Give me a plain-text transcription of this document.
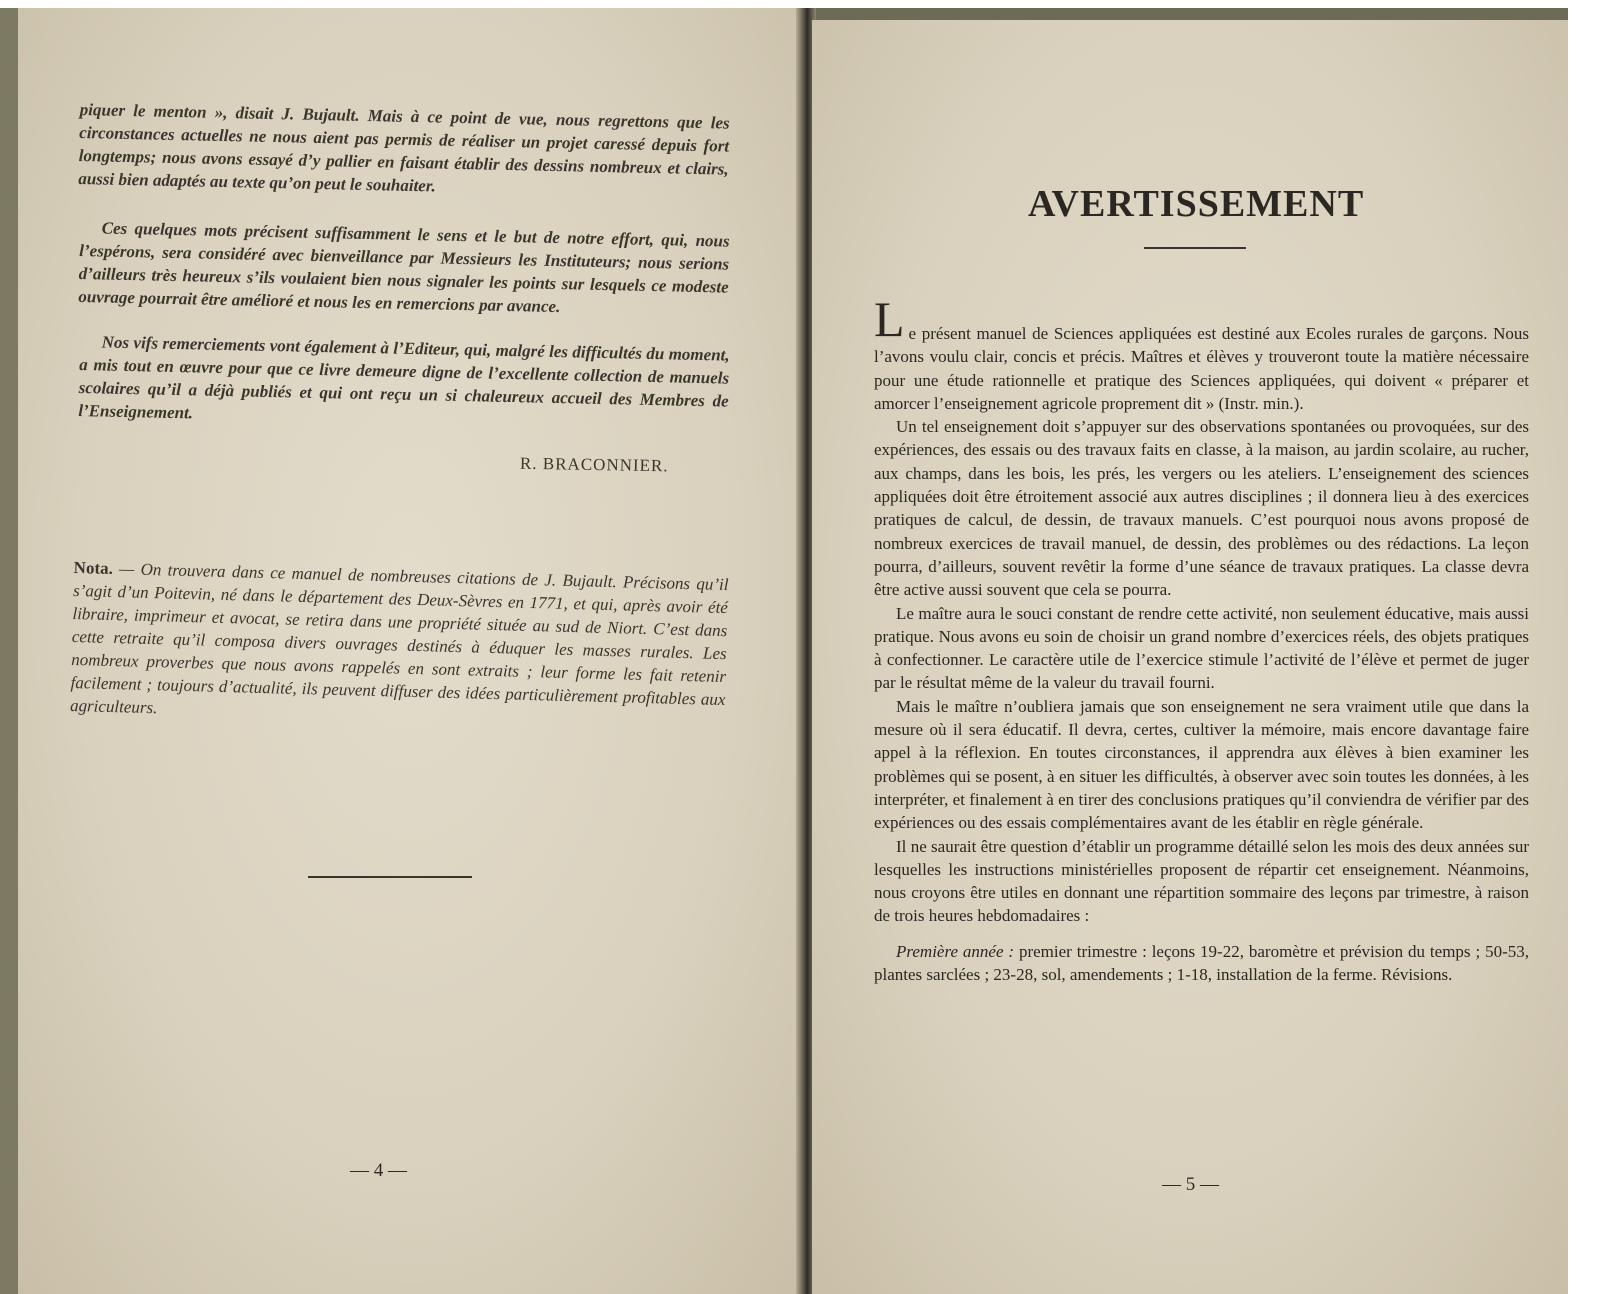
piquer le menton », disait J. Bujault. Mais à ce point de vue, nous regrettons que les circonstances actuelles ne nous aient pas permis de réaliser un projet caressé depuis fort longtemps; nous avons essayé d’y pallier en faisant établir des dessins nombreux et clairs, aussi bien adaptés au texte qu’on peut le souhaiter.

Ces quelques mots précisent suffisamment le sens et le but de notre effort, qui, nous l’espérons, sera considéré avec bienveillance par Messieurs les Instituteurs; nous serions d’ailleurs très heureux s’ils voulaient bien nous signaler les points sur lesquels ce modeste ouvrage pourrait être amélioré et nous les en remercions par avance.

Nos vifs remerciements vont également à l’Editeur, qui, malgré les difficultés du moment, a mis tout en œuvre pour que ce livre demeure digne de l’excellente collection de manuels scolaires qu’il a déjà publiés et qui ont reçu un si chaleureux accueil des Membres de l’Enseignement.

R. BRACONNIER.

Nota. — On trouvera dans ce manuel de nombreuses citations de J. Bujault. Précisons qu’il s’agit d’un Poitevin, né dans le département des Deux-Sèvres en 1771, et qui, après avoir été libraire, imprimeur et avocat, se retira dans une propriété située au sud de Niort. C’est dans cette retraite qu’il composa divers ouvrages destinés à éduquer les masses rurales. Les nombreux proverbes que nous avons rappelés en sont extraits ; leur forme les fait retenir facilement ; toujours d’actualité, ils peuvent diffuser des idées particulièrement profitables aux agriculteurs.

— 4 —
AVERTISSEMENT

L e présent manuel de Sciences appliquées est destiné aux Ecoles rurales de garçons. Nous l’avons voulu clair, concis et précis. Maîtres et élèves y trouveront toute la matière nécessaire pour une étude rationnelle et pratique des Sciences appliquées, qui doivent « préparer et amorcer l’enseignement agricole proprement dit » (Instr. min.).

Un tel enseignement doit s’appuyer sur des observations spontanées ou provoquées, sur des expériences, des essais ou des travaux faits en classe, à la maison, au jardin scolaire, au rucher, aux champs, dans les bois, les prés, les vergers ou les ateliers. L’enseignement des sciences appliquées doit être étroitement associé aux autres disciplines ; il donnera lieu à des exercices pratiques de calcul, de dessin, de travaux manuels. C’est pourquoi nous avons proposé de nombreux exercices de travail manuel, de dessin, des problèmes ou des rédactions. La leçon pourra, d’ailleurs, souvent revêtir la forme d’une séance de travaux pratiques. La classe devra être active aussi souvent que cela se pourra.

Le maître aura le souci constant de rendre cette activité, non seulement éducative, mais aussi pratique. Nous avons eu soin de choisir un grand nombre d’exercices réels, des objets pratiques à confectionner. Le caractère utile de l’exercice stimule l’activité de l’élève et permet de juger par le résultat même de la valeur du travail fourni.

Mais le maître n’oubliera jamais que son enseignement ne sera vraiment utile que dans la mesure où il sera éducatif. Il devra, certes, cultiver la mémoire, mais encore davantage faire appel à la réflexion. En toutes circonstances, il apprendra aux élèves à bien examiner les problèmes qui se posent, à en situer les difficultés, à observer avec soin toutes les données, à les interpréter, et finalement à en tirer des conclusions pratiques qu’il conviendra de vérifier par des expériences ou des essais complémentaires avant de les établir en règle générale.

Il ne saurait être question d’établir un programme détaillé selon les mois des deux années sur lesquelles les instructions ministérielles proposent de répartir cet enseignement. Néanmoins, nous croyons être utiles en donnant une répartition sommaire des leçons par trimestre, à raison de trois heures hebdomadaires :

Première année : premier trimestre : leçons 19-22, baromètre et prévision du temps ; 50-53, plantes sarclées ; 23-28, sol, amendements ; 1-18, installation de la ferme. Révisions.

— 5 —
